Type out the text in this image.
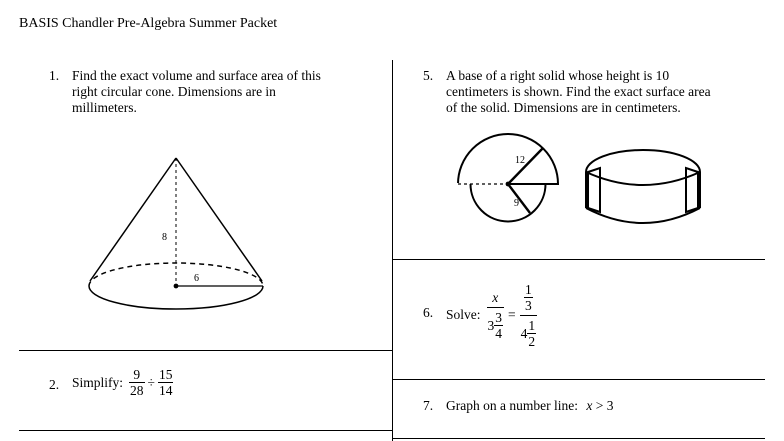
BASIS Chandler Pre-Algebra Summer Packet
1. Find the exact volume and surface area of this
right circular cone. Dimensions are in
millimeters.
8
6
2. Simplify: $\frac{9}{28} \div \frac{15}{14}$
5. A base of a right solid whose height is 10
centimeters is shown. Find the exact surface area
of the solid. Dimensions are in centimeters.
12
9
6. Solve: $\frac{x}{3 \frac{3}{4}} = \frac{\frac{1}{3}}{4 \frac{1}{2}}$
7. Graph on a number line: x > 3
